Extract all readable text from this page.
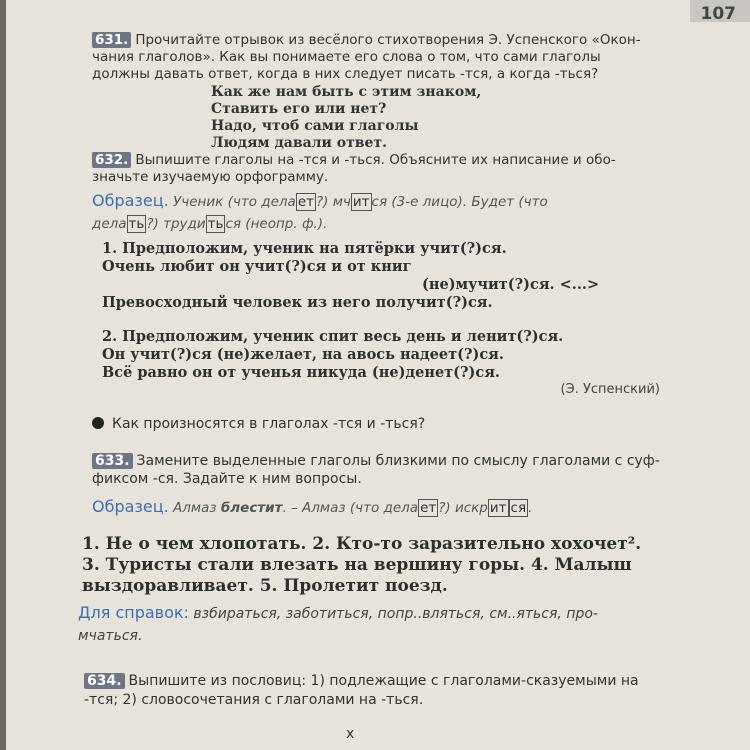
107
631. Прочитайте отрывок из весёлого стихотворения Э. Успенского «Окон-
чания глаголов». Как вы понимаете его слова о том, что сами глаголы
должны давать ответ, когда в них следует писать -тся, а когда -ться?
Как же нам быть с этим знаком,
Ставить его или нет?
Надо, чтоб сами глаголы
Людям давали ответ.
632. Выпишите глаголы на -тся и -ться. Объясните их написание и обо-
значьте изучаемую орфограмму.
Образец. Ученик (что дела ет ?) мч ит ся (3-е лицо). Будет (что
дела ть ?) труди ть ся (неопр. ф.).
1. Предположим, ученик на пятёрки учит(?)ся.
Очень любит он учит(?)ся и от книг
(не)мучит(?)ся. <...>
Превосходный человек из него получит(?)ся.
2. Предположим, ученик спит весь день и ленит(?)ся.
Он учит(?)ся (не)желает, на авось надеет(?)ся.
Всё равно он от ученья никуда (не)денет(?)ся.
(Э. Успенский)
Как произносятся в глаголах -тся и -ться?
633. Замените выделенные глаголы близкими по смыслу глаголами с суф-
фиксом -ся. Задайте к ним вопросы.
Образец. Алмаз блестит. – Алмаз (что дела ет ?) искр ит ся .
1. Не о чем хлопотать. 2. Кто-то заразительно хохочет².
3. Туристы стали влезать на вершину горы. 4. Малыш
выздоравливает. 5. Пролетит поезд.
Для справок: взбираться, заботиться, попр..вляться, см..яться, про-
мчаться.
634. Выпишите из пословиц: 1) подлежащие с глаголами-сказуемыми на
-тся; 2) словосочетания с глаголами на -ться.
х
